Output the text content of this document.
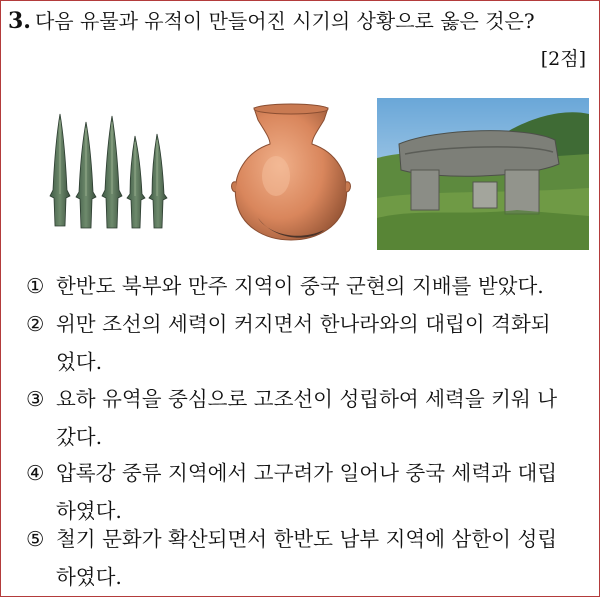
3. 다음 유물과 유적이 만들어진 시기의 상황으로 옳은 것은?
[2점]
① 한반도 북부와 만주 지역이 중국 군현의 지배를 받았다.
② 위만 조선의 세력이 커지면서 한나라와의 대립이 격화되
었다.
③ 요하 유역을 중심으로 고조선이 성립하여 세력을 키워 나
갔다.
④ 압록강 중류 지역에서 고구려가 일어나 중국 세력과 대립
하였다.
⑤ 철기 문화가 확산되면서 한반도 남부 지역에 삼한이 성립
하였다.
